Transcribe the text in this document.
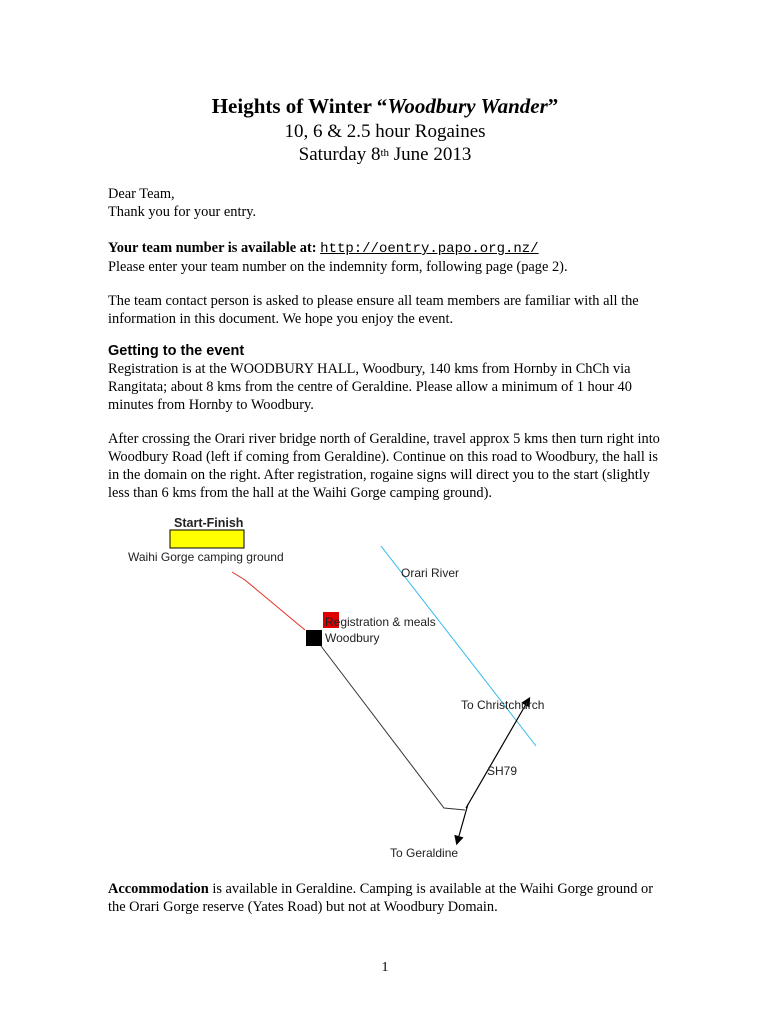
Heights of Winter “Woodbury Wander”
10, 6 & 2.5 hour Rogaines
Saturday 8th June 2013
Dear Team,
Thank you for your entry.
Your team number is available at: http://oentry.papo.org.nz/
Please enter your team number on the indemnity form, following page (page 2).
The team contact person is asked to please ensure all team members are familiar with all the information in this document. We hope you enjoy the event.
Getting to the event
Registration is at the WOODBURY HALL, Woodbury, 140 kms from Hornby in ChCh via Rangitata; about 8 kms from the centre of Geraldine. Please allow a minimum of 1 hour 40 minutes from Hornby to Woodbury.
After crossing the Orari river bridge north of Geraldine, travel approx 5 kms then turn right into Woodbury Road (left if coming from Geraldine). Continue on this road to Woodbury, the hall is in the domain on the right. After registration, rogaine signs will direct you to the start (slightly less than 6 kms from the hall at the Waihi Gorge camping ground).
Start-Finish
Waihi Gorge camping ground
Orari River
Registration & meals
Woodbury
To Christchurch
SH79
To Geraldine
Accommodation is available in Geraldine. Camping is available at the Waihi Gorge ground or the Orari Gorge reserve (Yates Road) but not at Woodbury Domain.
1
